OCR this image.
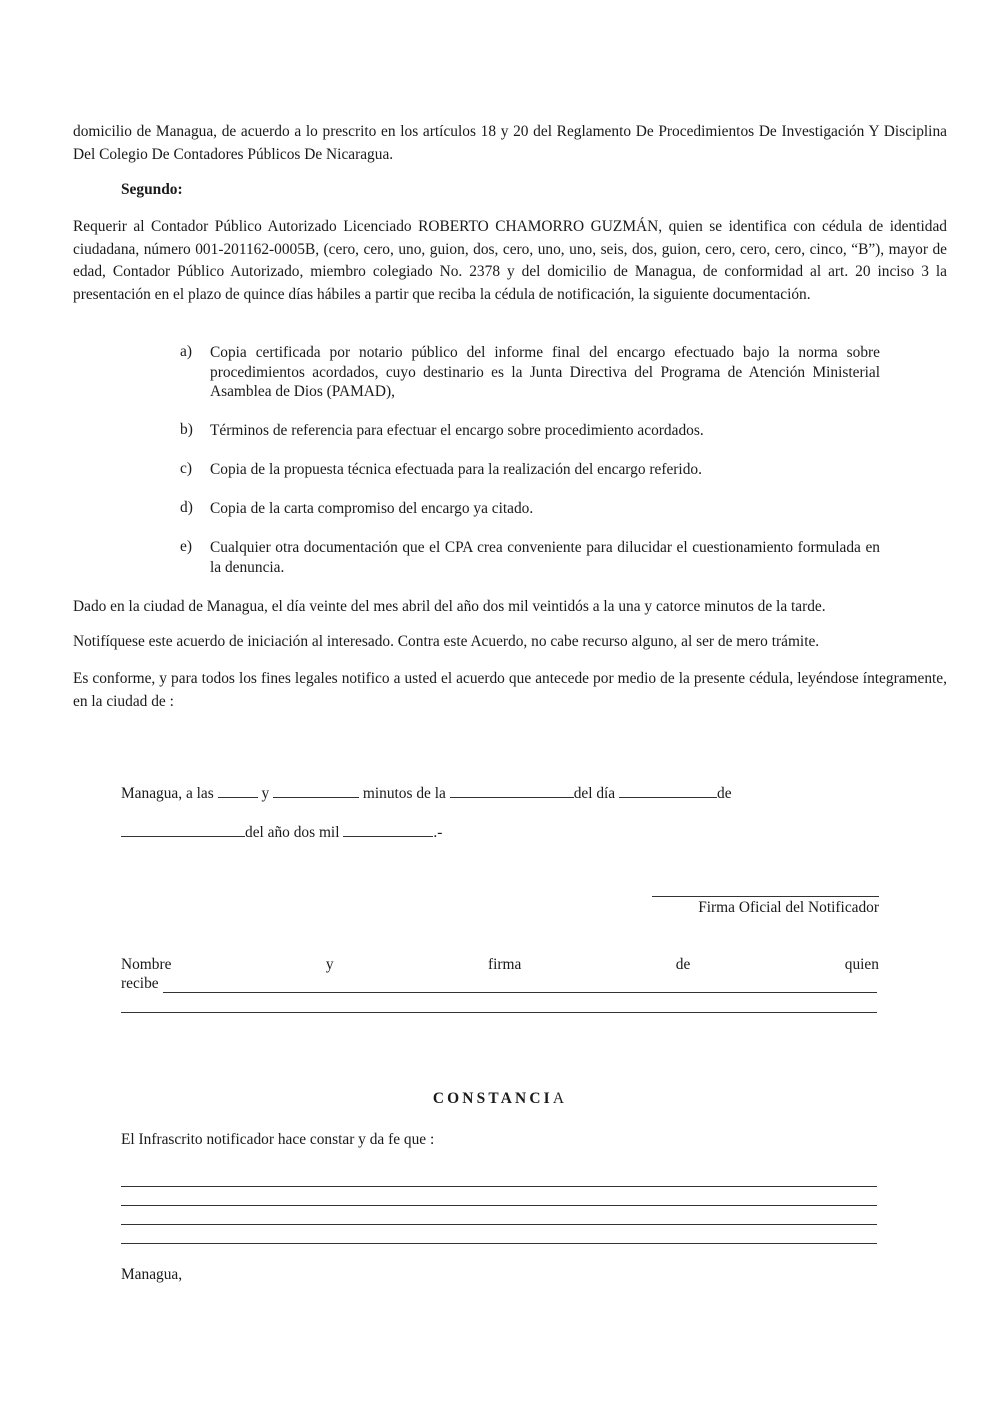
domicilio de Managua, de acuerdo a lo prescrito en los artículos 18 y 20 del Reglamento De Procedimientos De Investigación Y Disciplina Del Colegio De Contadores Públicos De Nicaragua.

Segundo:

Requerir al Contador Público Autorizado Licenciado ROBERTO CHAMORRO GUZMÁN, quien se identifica con cédula de identidad ciudadana, número 001-201162-0005B, (cero, cero, uno, guion, dos, cero, uno, uno, seis, dos, guion, cero, cero, cero, cinco, “B”), mayor de edad, Contador Público Autorizado, miembro colegiado No. 2378 y del domicilio de Managua, de conformidad al art. 20 inciso 3 la presentación en el plazo de quince días hábiles a partir que reciba la cédula de notificación, la siguiente documentación.

a)	Copia certificada por notario público del informe final del encargo efectuado bajo la norma sobre procedimientos acordados, cuyo destinario es la Junta Directiva del Programa de Atención Ministerial Asamblea de Dios (PAMAD),

b)	Términos de referencia para efectuar el encargo sobre procedimiento acordados.

c)	Copia de la propuesta técnica efectuada para la realización del encargo referido.

d)	Copia de la carta compromiso del encargo ya citado.

e)	Cualquier otra documentación que el CPA crea conveniente para dilucidar el cuestionamiento formulada en la denuncia.

Dado en la ciudad de Managua, el día veinte del mes abril del año dos mil veintidós a la una y catorce minutos de la tarde.

Notifíquese este acuerdo de iniciación al interesado. Contra este Acuerdo, no cabe recurso alguno, al ser de mero trámite.

Es conforme, y para todos los fines legales notifico a usted el acuerdo que antecede por medio de la presente cédula, leyéndose íntegramente, en la ciudad de :

Managua, a las	y	minutos de la	del día	de
del año dos mil	.-
Firma Oficial del Notificador
Nombre	y	firma	de	quien
recibe
CONSTANCIA
El Infrascrito notificador hace constar y da fe que :
Managua,
